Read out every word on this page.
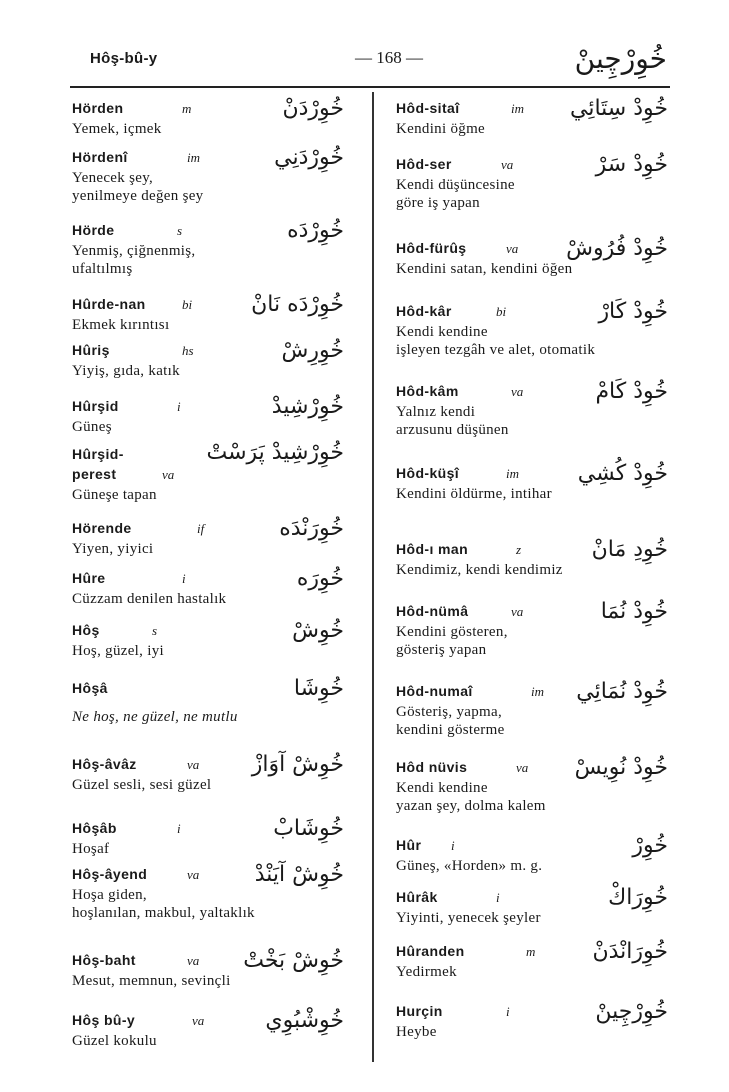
Hôş-bû-y	— 168 —	خُوِرْچِينْ
Hörden	m	خُوِرْدَنْ
Yemek, içmek
Hördenî	im	خُوِرْدَنِي
Yenecek şey,
yenilmeye değen şey
Hörde	s	خُوِرْدَه
Yenmiş, çiğnenmiş,
ufaltılmış
Hûrde-nan	bi	خُوِرْدَه نَانْ
Ekmek kırıntısı
Hûriş	hs	خُوِرِشْ
Yiyiş, gıda, katık
Hûrşid	i	خُوِرْشِيدْ
Güneş
Hûrşid-
perest	va
خُوِرْشِيدْ پَرَسْتْ
Güneşe tapan
Hörende	if	خُوِرَنْدَه
Yiyen, yiyici
Hûre	i	خُوِرَه
Cüzzam denilen hastalık
Hôş	s	خُوِشْ
Hoş, güzel, iyi
Hôşâ	خُوِشَا
Ne hoş, ne güzel, ne mutlu
Hôş-âvâz	va خُوِشْ آوَازْ
Güzel sesli, sesi güzel
Hôşâb	i	خُوِشَابْ
Hoşaf
Hôş-âyend	va	خُوِشْ آيَنْدْ
Hoşa giden,
hoşlanılan, makbul, yaltaklık
Hôş-baht	va خُوِشْ بَخْتْ
Mesut, memnun, sevinçli
Hôş bû-y	va	خُوِشْبُوِي
Güzel kokulu
Hôd-sitaî	im خُوِدْ سِتَائِي
Kendini öğme
Hôd-ser	va	خُوِدْ سَرْ
Kendi düşüncesine
göre iş yapan
Hôd-fürûş	va خُوِدْ فُرُوشْ
Kendini satan, kendini öğen
Hôd-kâr	bi	خُوِدْ كَارْ
Kendi kendine
işleyen tezgâh ve alet, otomatik
Hôd-kâm	va	خُوِدْ كَامْ
Yalnız kendi
arzusunu düşünen
Hôd-küşî	im	خُوِدْ كُشِي
Kendini öldürme, intihar
Hôd-ı man	z	خُوِدِ مَانْ
Kendimiz, kendi kendimiz
Hôd-nümâ	va	خُوِدْ نُمَا
Kendini gösteren,
gösteriş yapan
Hôd-numaî	im خُوِدْ نُمَائِي
Gösteriş, yapma,
kendini gösterme
Hôd nüvis	va خُوِدْ نُوِيسْ
Kendi kendine
yazan şey, dolma kalem
Hûr	i	خُوِرْ
Güneş, «Horden» m. g.
Hûrâk	i	خُوِرَاكْ
Yiyinti, yenecek şeyler
Hûranden	m	خُوِرَانْدَنْ
Yedirmek
Hurçin	i	خُوِرْچِينْ
Heybe
